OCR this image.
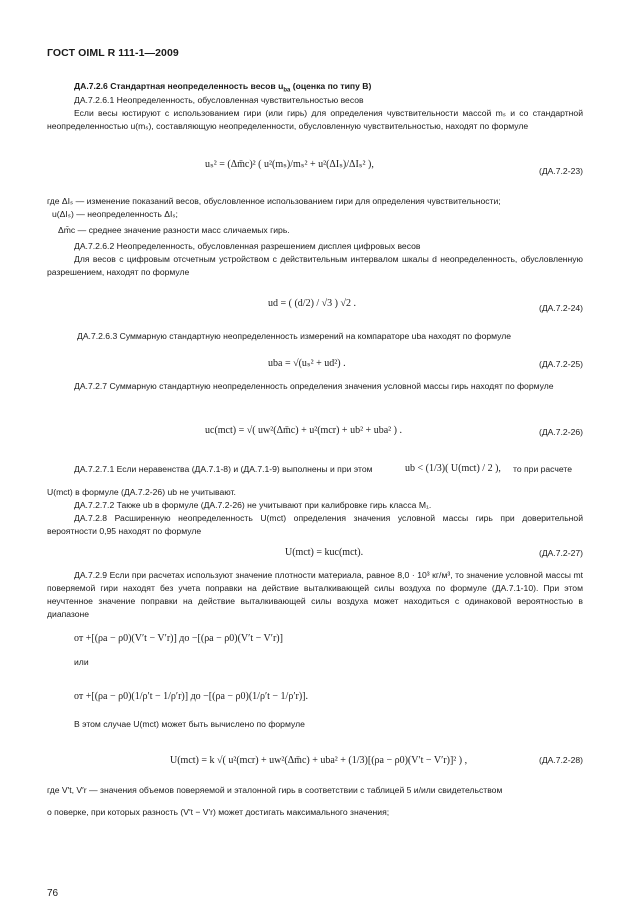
ГОСТ OIML R 111-1—2009
ДА.7.2.6 Стандартная неопределенность весов $u_{ba}$ (оценка по типу В)
ДА.7.2.6.1 Неопределенность, обусловленная чувствительностью весов
Если весы юстируют с использованием гири (или гирь) для определения чувствительности массой mₛ и со стандартной неопределенностью u(mₛ), составляющую неопределенности, обусловленную чувствительностью, находят по формуле
uₛ² = (Δm̄c)² ( u²(mₛ)/mₛ² + u²(ΔIₛ)/ΔIₛ² ),
(ДА.7.2-23)
где ΔIₛ — изменение показаний весов, обусловленное использованием гири для определения чувствительности;
u(ΔIₛ) — неопределенность ΔIₛ;
Δm̄c — среднее значение разности масс сличаемых гирь.
ДА.7.2.6.2 Неопределенность, обусловленная разрешением дисплея цифровых весов
Для весов с цифровым отсчетным устройством с действительным интервалом шкалы d неопределенность, обусловленную разрешением, находят по формуле
ud = ( (d/2) / √3 ) √2 .	(ДА.7.2-24)
ДА.7.2.6.3 Суммарную стандартную неопределенность измерений на компараторе uba находят по формуле
uba = √(uₛ² + ud²) .	(ДА.7.2-25)
ДА.7.2.7 Суммарную стандартную неопределенность определения значения условной массы гирь находят по формуле
uc(mct) = √( uw²(Δm̄c) + u²(mcr) + ub² + uba² ) .	(ДА.7.2-26)
ДА.7.2.7.1 Если неравенства (ДА.7.1-8) и (ДА.7.1-9) выполнены и при этом	ub < (1/3)( U(mct) / 2 ), то при расчете
U(mct) в формуле (ДА.7.2-26) ub не учитывают.
ДА.7.2.7.2 Также ub в формуле (ДА.7.2-26) не учитывают при калибровке гирь класса M₁.
ДА.7.2.8 Расширенную неопределенность U(mct) определения значения условной массы гирь при доверительной вероятности 0,95 находят по формуле
U(mct) = kuc(mct).	(ДА.7.2-27)
ДА.7.2.9 Если при расчетах используют значение плотности материала, равное 8,0 · 10³ кг/м³, то значение условной массы mt поверяемой гири находят без учета поправки на действие выталкивающей силы воздуха по формуле (ДА.7.1-10). При этом неучтенное значение поправки на действие выталкивающей силы воздуха может находиться с одинаковой вероятностью в диапазоне
от +[(ρa − ρ0)(V′t − V′r)] до −[(ρa − ρ0)(V′t − V′r)]
или
от +[(ρa − ρ0)(1/ρ′t − 1/ρ′r)] до −[(ρa − ρ0)(1/ρ′t − 1/ρ′r)].
В этом случае U(mct) может быть вычислено по формуле
U(mct) = k √( u²(mcr) + uw²(Δm̄c) + uba² + (1/3)[(ρa − ρ0)(V′t − V′r)]² ) ,	(ДА.7.2-28)
где V′t, V′r — значения объемов поверяемой и эталонной гирь в соответствии с таблицей 5 и/или свидетельством
о поверке, при которых разность (V′t − V′r) может достигать максимального значения;
76
